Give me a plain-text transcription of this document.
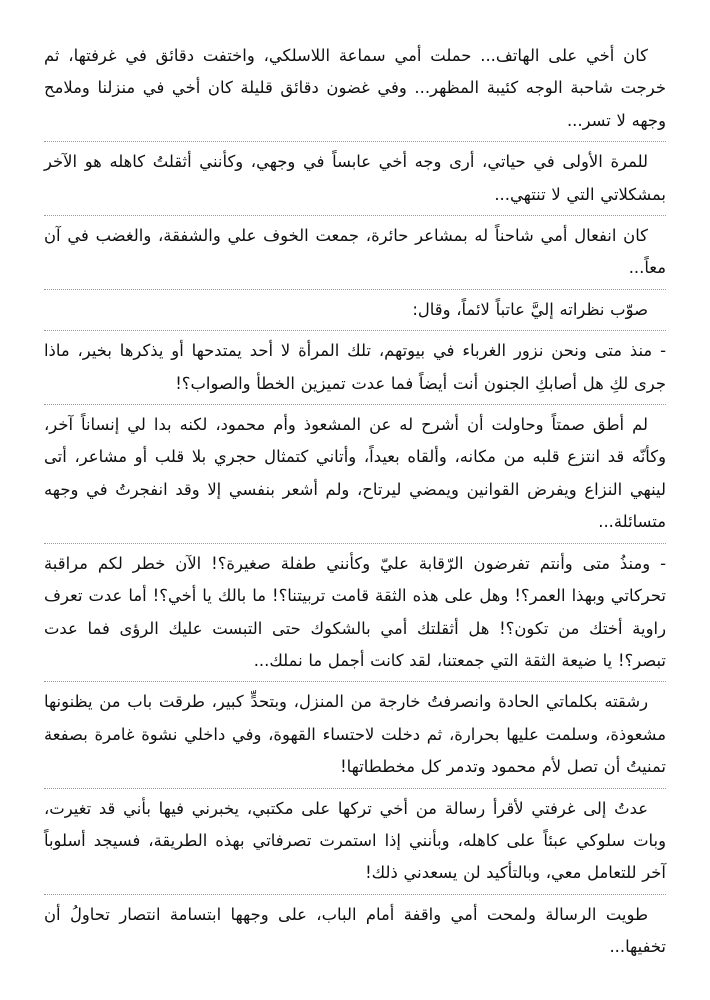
كان أخي على الهاتف... حملت أمي سماعة اللاسلكي، واختفت دقائق في غرفتها، ثم خرجت شاحبة الوجه كئيبة المظهر... وفي غضون دقائق قليلة كان أخي في منزلنا وملامح وجهه لا تسر...

للمرة الأولى في حياتي، أرى وجه أخي عابساً في وجهي، وكأنني أثقلتُ كاهله هو الآخر بمشكلاتي التي لا تنتهي...

كان انفعال أمي شاحناً له بمشاعر حائرة، جمعت الخوف علي والشفقة، والغضب في آن معاً...

صوّب نظراته إليَّ عاتباً لائماً، وقال:

- منذ متى ونحن نزور الغرباء في بيوتهم، تلك المرأة لا أحد يمتدحها أو يذكرها بخير، ماذا جرى لكِ هل أصابكِ الجنون أنت أيضاً فما عدت تميزين الخطأ والصواب؟!

لم أطق صمتاً وحاولت أن أشرح له عن المشعوذ وأم محمود، لكنه بدا لي إنساناً آخر، وكأنّه قد انتزع قلبه من مكانه، وألقاه بعيداً، وأتاني كتمثال حجري بلا قلب أو مشاعر، أتى لينهي النزاع ويفرض القوانين ويمضي ليرتاح، ولم أشعر بنفسي إلا وقد انفجرتُ في وجهه متسائلة...

- ومنذُ متى وأنتم تفرضون الرّقابة عليّ وكأنني طفلة صغيرة؟! الآن خطر لكم مراقبة تحركاتي وبهذا العمر؟! وهل على هذه الثقة قامت تربيتنا؟! ما بالك يا أخي؟! أما عدت تعرف راوية أختك من تكون؟! هل أثقلتك أمي بالشكوك حتى التبست عليك الرؤى فما عدت تبصر؟! يا ضيعة الثقة التي جمعتنا، لقد كانت أجمل ما نملك...

رشقته بكلماتي الحادة وانصرفتُ خارجة من المنزل، وبتحدٍّ كبير، طرقت باب من يظنونها مشعوذة، وسلمت عليها بحرارة، ثم دخلت لاحتساء القهوة، وفي داخلي نشوة غامرة بصفعة تمنيتُ أن تصل لأم محمود وتدمر كل مخططاتها!

عدتُ إلى غرفتي لأقرأ رسالة من أخي تركها على مكتبي، يخبرني فيها بأني قد تغيرت، وبات سلوكي عبئاً على كاهله، وبأنني إذا استمرت تصرفاتي بهذه الطريقة، فسيجد أسلوباً آخر للتعامل معي، وبالتأكيد لن يسعدني ذلك!

طويت الرسالة ولمحت أمي واقفة أمام الباب، على وجهها ابتسامة انتصار تحاولُ أن تخفيها...
